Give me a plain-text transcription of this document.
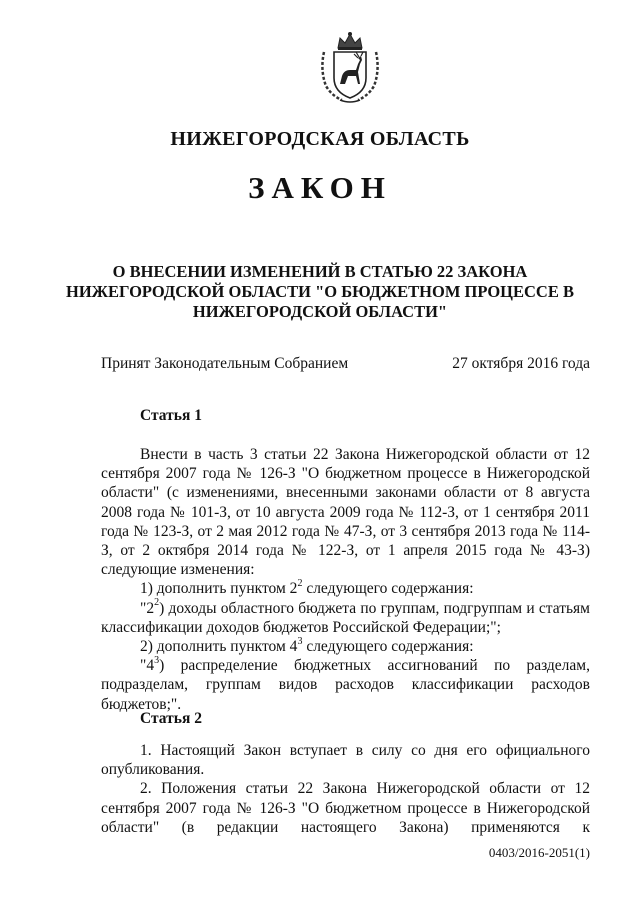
НИЖЕГОРОДСКАЯ ОБЛАСТЬ
ЗАКОН
О ВНЕСЕНИИ ИЗМЕНЕНИЙ В СТАТЬЮ 22 ЗАКОНА
НИЖЕГОРОДСКОЙ ОБЛАСТИ "О БЮДЖЕТНОМ ПРОЦЕССЕ В
НИЖЕГОРОДСКОЙ ОБЛАСТИ"
Принят Законодательным Собранием	27 октября 2016 года
Статья 1

Внести в часть 3 статьи 22 Закона Нижегородской области от 12 сентября 2007 года № 126-З "О бюджетном процессе в Нижегородской области" (с изменениями, внесенными законами области от 8 августа 2008 года № 101-З, от 10 августа 2009 года № 112-З, от 1 сентября 2011 года № 123-З, от 2 мая 2012 года № 47-З, от 3 сентября 2013 года № 114-З, от 2 октября 2014 года № 122-З, от 1 апреля 2015 года № 43-З) следующие изменения:

1) дополнить пунктом $2^2$ следующего содержания:

"$2^2$) доходы областного бюджета по группам, подгруппам и статьям классификации доходов бюджетов Российской Федерации;";

2) дополнить пунктом $4^3$ следующего содержания:

"$4^3$) распределение бюджетных ассигнований по разделам, подразделам, группам видов расходов классификации расходов бюджетов;".

Статья 2

1. Настоящий Закон вступает в силу со дня его официального опубликования.

2. Положения статьи 22 Закона Нижегородской области от 12 сентября 2007 года № 126-З "О бюджетном процессе в Нижегородской области" (в редакции настоящего Закона) применяются к

0403/2016-2051(1)
